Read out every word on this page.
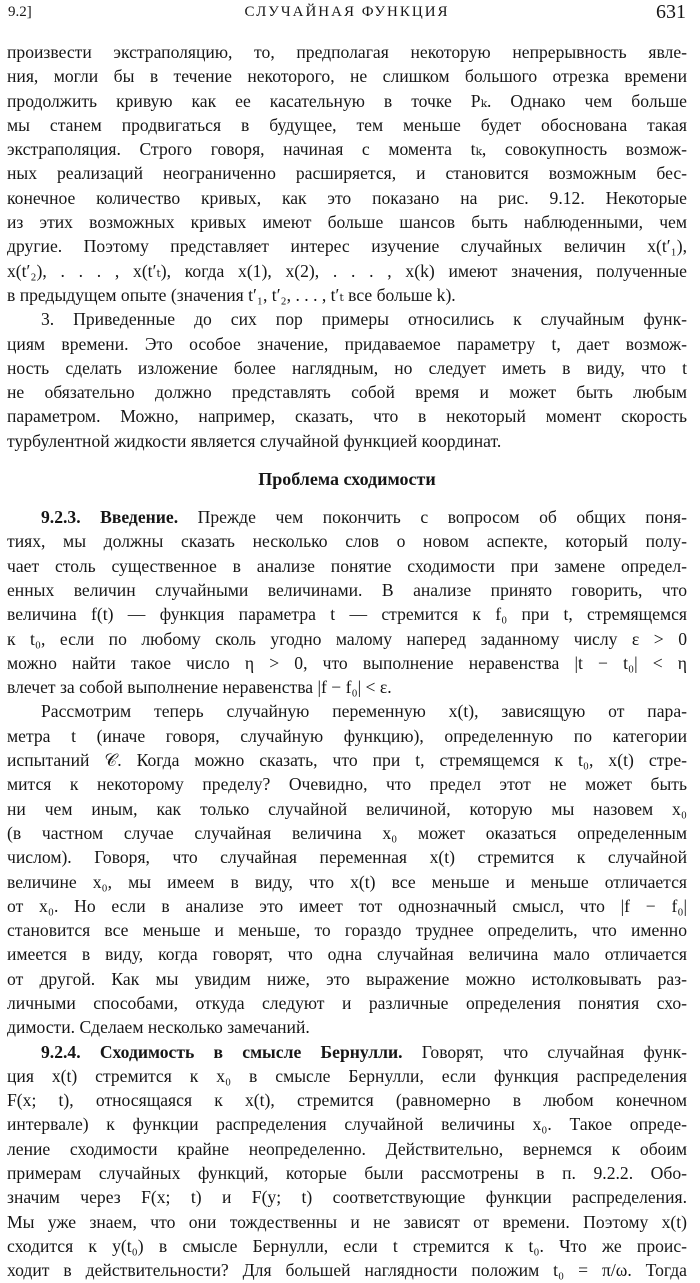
9.2]	СЛУЧАЙНАЯ ФУНКЦИЯ	631
произвести экстраполяцию, то, предполагая некоторую непрерывность явле-
ния, могли бы в течение некоторого, не слишком большого отрезка времени
продолжить кривую как ее касательную в точке Pₖ. Однако чем больше
мы станем продвигаться в будущее, тем меньше будет обоснована такая
экстраполяция. Строго говоря, начиная с момента tₖ, совокупность возмож-
ных реализаций неограниченно расширяется, и становится возможным бес-
конечное количество кривых, как это показано на рис. 9.12. Некоторые
из этих возможных кривых имеют больше шансов быть наблюденными, чем
другие. Поэтому представляет интерес изучение случайных величин x(t′₁),
x(t′₂), . . . , x(t′ₜ), когда x(1), x(2), . . . , x(k) имеют значения, полученные
в предыдущем опыте (значения t′₁, t′₂, . . . , t′ₜ все больше k).
3. Приведенные до сих пор примеры относились к случайным функ-
циям времени. Это особое значение, придаваемое параметру t, дает возмож-
ность сделать изложение более наглядным, но следует иметь в виду, что t
не обязательно должно представлять собой время и может быть любым
параметром. Можно, например, сказать, что в некоторый момент скорость
турбулентной жидкости является случайной функцией координат.
Проблема сходимости
9.2.3. Введение. Прежде чем покончить с вопросом об общих поня-
тиях, мы должны сказать несколько слов о новом аспекте, который полу-
чает столь существенное в анализе понятие сходимости при замене определ-
енных величин случайными величинами. В анализе принято говорить, что
величина f(t) — функция параметра t — стремится к f₀ при t, стремящемся
к t₀, если по любому сколь угодно малому наперед заданному числу ε > 0
можно найти такое число η > 0, что выполнение неравенства |t − t₀| < η
влечет за собой выполнение неравенства |f − f₀| < ε.
Рассмотрим теперь случайную переменную x(t), зависящую от пара-
метра t (иначе говоря, случайную функцию), определенную по категории
испытаний 𝒞. Когда можно сказать, что при t, стремящемся к t₀, x(t) стре-
мится к некоторому пределу? Очевидно, что предел этот не может быть
ни чем иным, как только случайной величиной, которую мы назовем x₀
(в частном случае случайная величина x₀ может оказаться определенным
числом). Говоря, что случайная переменная x(t) стремится к случайной
величине x₀, мы имеем в виду, что x(t) все меньше и меньше отличается
от x₀. Но если в анализе это имеет тот однозначный смысл, что |f − f₀|
становится все меньше и меньше, то гораздо труднее определить, что именно
имеется в виду, когда говорят, что одна случайная величина мало отличается
от другой. Как мы увидим ниже, это выражение можно истолковывать раз-
личными способами, откуда следуют и различные определения понятия схо-
димости. Сделаем несколько замечаний.
9.2.4. Сходимость в смысле Бернулли. Говорят, что случайная функ-
ция x(t) стремится к x₀ в смысле Бернулли, если функция распределения
F(x; t), относящаяся к x(t), стремится (равномерно в любом конечном
интервале) к функции распределения случайной величины x₀. Такое опреде-
ление сходимости крайне неопределенно. Действительно, вернемся к обоим
примерам случайных функций, которые были рассмотрены в п. 9.2.2. Обо-
значим через F(x; t) и F(y; t) соответствующие функции распределения.
Мы уже знаем, что они тождественны и не зависят от времени. Поэтому x(t)
сходится к y(t₀) в смысле Бернулли, если t стремится к t₀. Что же проис-
ходит в действительности? Для большей наглядности положим t₀ = π/ω. Тогда
